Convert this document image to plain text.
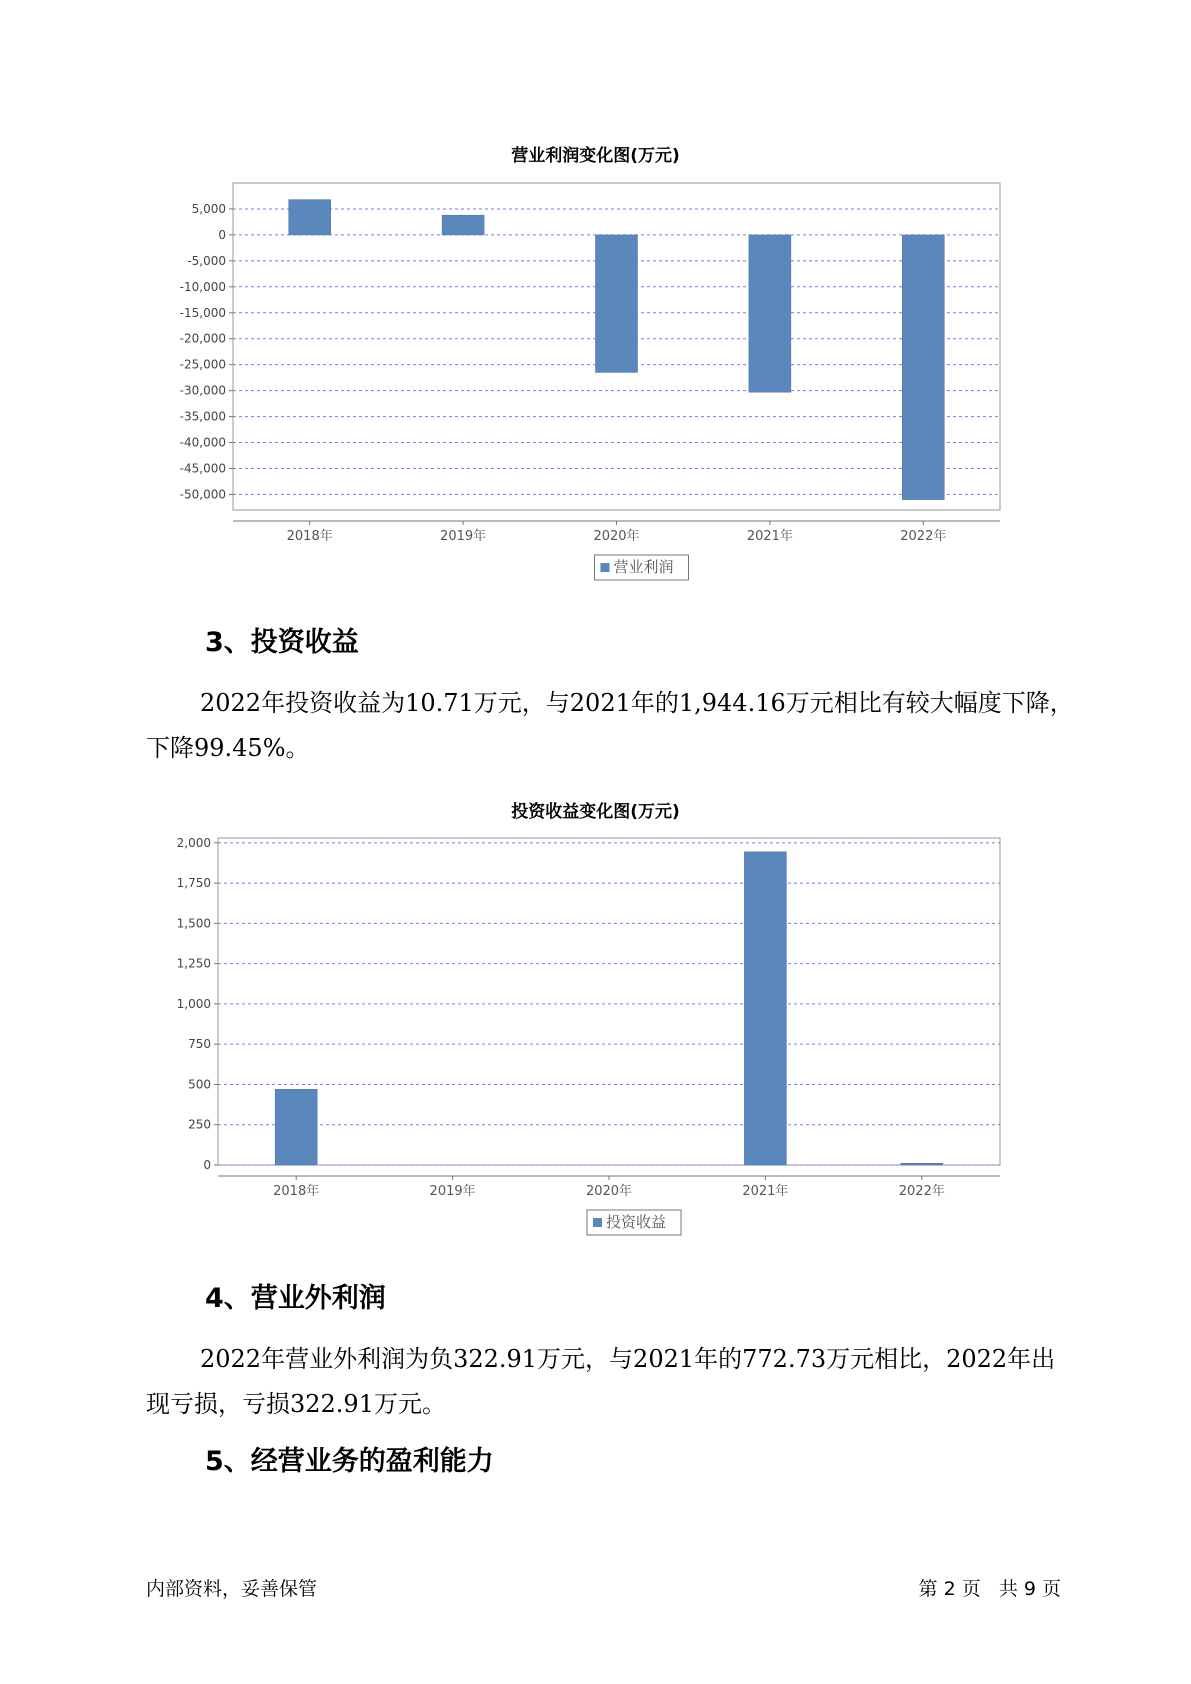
营业利润变化图(万元)
5,000
0
-5,000
-10,000
-15,000
-20,000
-25,000
-30,000
-35,000
-40,000
-45,000
-50,000
2018年	2019年	2020年	2021年	2022年
营业利润
3、投资收益
2022年投资收益为10.71万元，与2021年的1,944.16万元相比有较大幅度下降，下降99.45%。
投资收益变化图(万元)
2,000
1,750
1,500
1,250
1,000
750
500
250
0
2018年	2019年	2020年	2021年	2022年
投资收益
4、营业外利润
2022年营业外利润为负322.91万元，与2021年的772.73万元相比，2022年出现亏损，亏损322.91万元。
5、经营业务的盈利能力
内部资料，妥善保管	第 2 页   共 9 页
